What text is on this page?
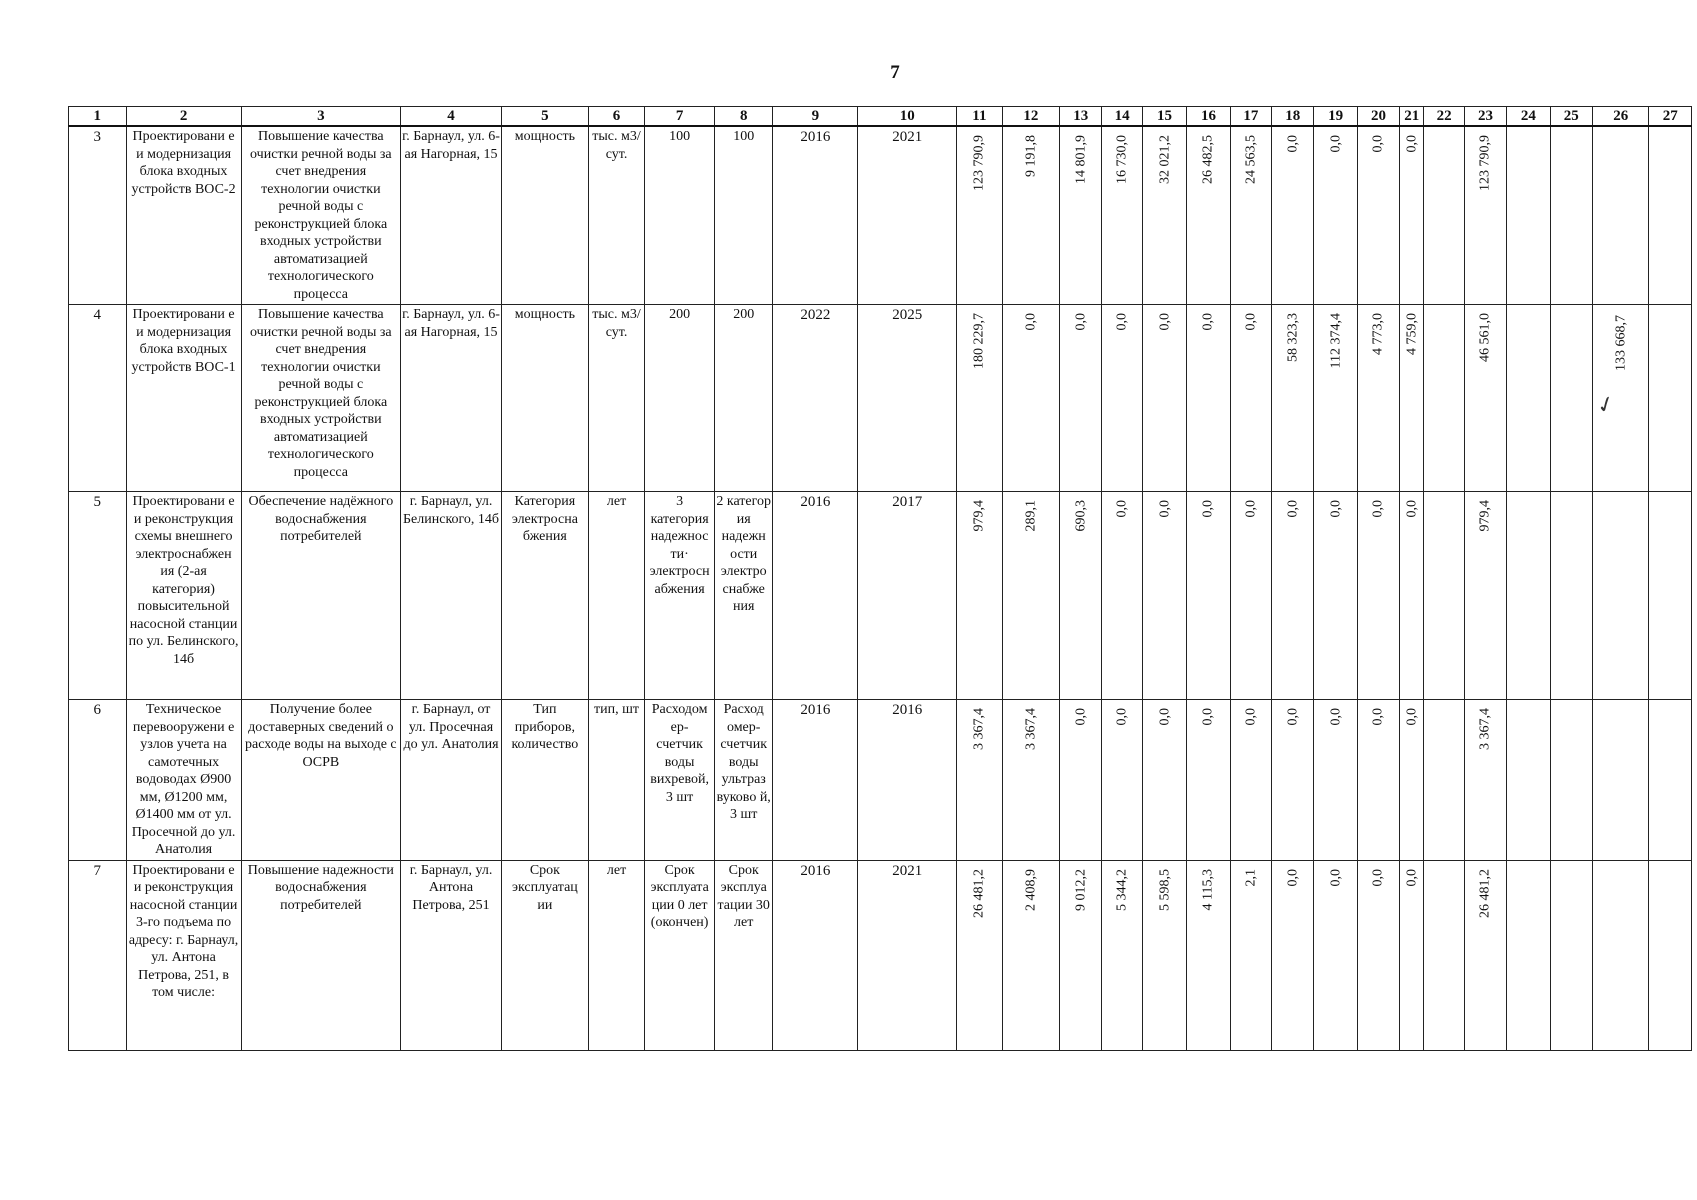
7
1	2	3	4	5	6	7	8	9	10	11	12	13	14	15	16	17	18	19	20	21	22	23	24	25	26	27
3	Проектировани е и модернизация блока входных устройств ВОС-2	Повышение качества очистки речной воды за счет внедрения технологии очистки речной воды с реконструкцией блока входных устройстви автоматизацией технологического процесса	г. Барнаул, ул. 6-ая Нагорная, 15	мощность	тыс. м3/сут.	100	100	2016	2021	123 790,9	9 191,8	14 801,9	16 730,0	32 021,2	26 482,5	24 563,5	0,0	0,0	0,0	0,0		123 790,9				

4	Проектировани е и модернизация блока входных устройств ВОС-1	Повышение качества очистки речной воды за счет внедрения технологии очистки речной воды с реконструкцией блока входных устройстви автоматизацией технологического процесса	г. Барнаул, ул. 6-ая Нагорная, 15	мощность	тыс. м3/сут.	200	200	2022	2025	180 229,7	0,0	0,0	0,0	0,0	0,0	0,0	58 323,3	112 374,4	4 773,0	4 759,0		46 561,0			133 668,7	

5	Проектировани е и реконструкция схемы внешнего электроснабжен ия (2-ая категория) повысительной насосной станции по ул. Белинского, 14б	Обеспечение надёжного водоснабжения потребителей	г. Барнаул, ул. Белинского, 14б	Категория электросна бжения	лет	3 категория надежнос ти· электросн абжения	2 категор ия надежн ости электро снабже ния	2016	2017	979,4	289,1	690,3	0,0	0,0	0,0	0,0	0,0	0,0	0,0	0,0		979,4				

6	Техническое перевооружени е узлов учета на самотечных водоводах Ø900 мм, Ø1200 мм, Ø1400 мм от ул. Просечной до ул. Анатолия	Получение более доставерных сведений о расходе воды на выходе с ОСРВ	г. Барнаул, от ул. Просечная до ул. Анатолия	Тип приборов, количество	тип, шт	Расходом ер- счетчик воды вихревой, 3 шт	Расход омер- счетчик воды ультраз вуково й, 3 шт	2016	2016	3 367,4	3 367,4	0,0	0,0	0,0	0,0	0,0	0,0	0,0	0,0	0,0		3 367,4				

7	Проектировани е и реконструкция насосной станции 3-го подъема по адресу: г. Барнаул, ул. Антона Петрова, 251, в том числе:	Повышение надежности водоснабжения потребителей	г. Барнаул, ул. Антона Петрова, 251	Срок эксплуатац ии	лет	Срок эксплуата ции 0 лет (окончен)	Срок эксплуа тации 30 лет	2016	2021	26 481,2	2 408,9	9 012,2	5 344,2	5 598,5	4 115,3	2,1	0,0	0,0	0,0	0,0		26 481,2				

✓
